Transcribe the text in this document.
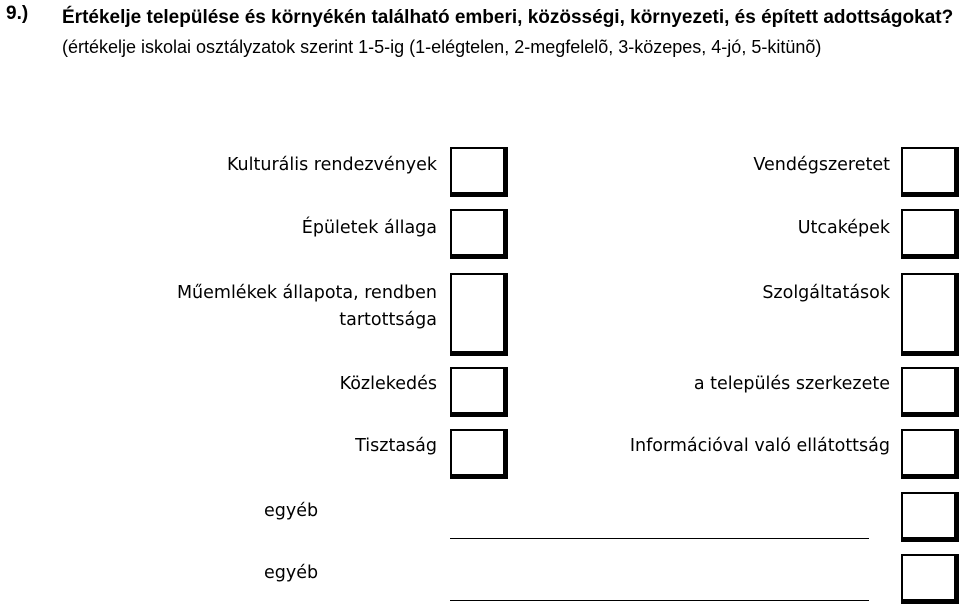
9.) Értékelje települése és környékén található emberi, közösségi, környezeti, és épített adottságokat? (értékelje iskolai osztályzatok szerint 1-5-ig (1-elégtelen, 2-megfelelõ, 3-közepes, 4-jó, 5-kitünõ)
Kulturális rendezvények
Épületek állaga
Műemlékek állapota, rendben
tartottsága
Közlekedés
Tisztaság
Vendégszeretet
Utcaképek
Szolgáltatások
a település szerkezete
Információval való ellátottság
egyéb
egyéb
